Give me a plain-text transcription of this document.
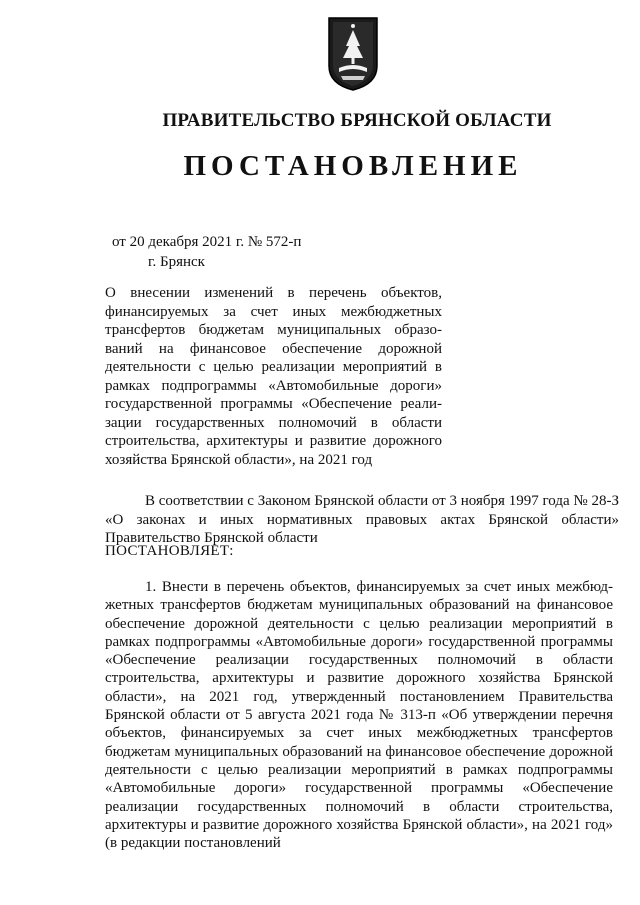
ПРАВИТЕЛЬСТВО БРЯНСКОЙ ОБЛАСТИ
ПОСТАНОВЛЕНИЕ
от 20 декабря 2021 г. № 572-п
г. Брянск
О внесении изменений в перечень объектов, финансируемых за счет иных межбюджетных трансфертов бюджетам муниципальных образований на финансовое обеспечение дорожной деятельности с целью реализации мероприятий в рамках подпрограммы «Автомобильные дороги» государственной программы «Обеспечение реализации государственных полномочий в области строительства, архитектуры и развитие дорожного хозяйства Брянской области», на 2021 год
В соответствии с Законом Брянской области от 3 ноября 1997 года № 28-З «О законах и иных нормативных правовых актах Брянской области» Правительство Брянской области
ПОСТАНОВЛЯЕТ:
1. Внести в перечень объектов, финансируемых за счет иных межбюджетных трансфертов бюджетам муниципальных образований на финансовое обеспечение дорожной деятельности с целью реализации мероприятий в рамках подпрограммы «Автомобильные дороги» государственной программы «Обеспечение реализации государственных полномочий в области строительства, архитектуры и развитие дорожного хозяйства Брянской области», на 2021 год, утвержденный постановлением Правительства Брянской области от 5 августа 2021 года № 313-п «Об утверждении перечня объектов, финансируемых за счет иных межбюджетных трансфертов бюджетам муниципальных образований на финансовое обеспечение дорожной деятельности с целью реализации мероприятий в рамках подпрограммы «Автомобильные дороги» государственной программы «Обеспечение реализации государственных полномочий в области строительства, архитектуры и развитие дорожного хозяйства Брянской области», на 2021 год» (в редакции постановлений
